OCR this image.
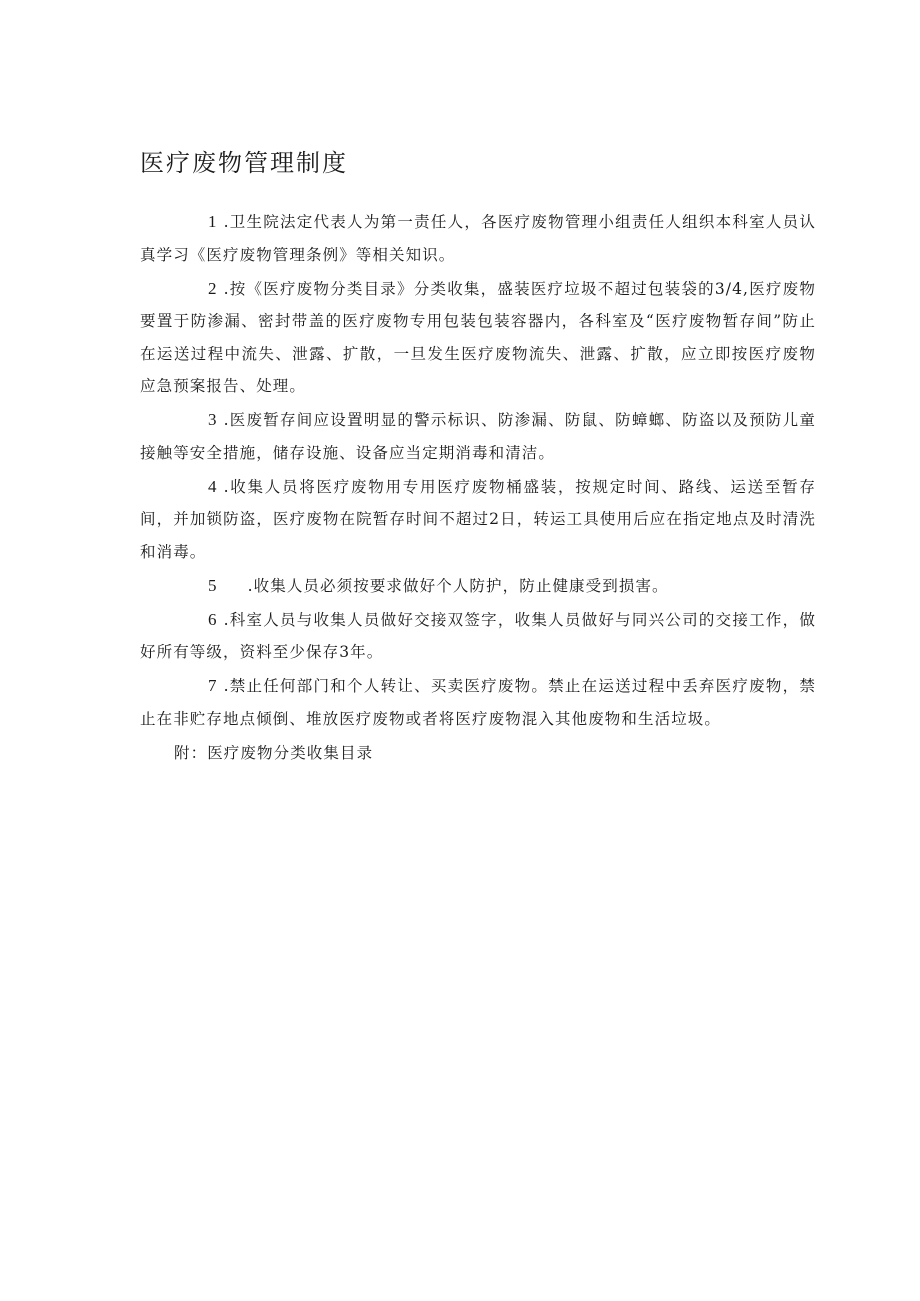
医疗废物管理制度

1 .卫生院法定代表人为第一责任人，各医疗废物管理小组责任人组织本科室人员认真学习《医疗废物管理条例》等相关知识。

2 .按《医疗废物分类目录》分类收集，盛装医疗垃圾不超过包装袋的3/4,医疗废物要置于防渗漏、密封带盖的医疗废物专用包装包装容器内，各科室及“医疗废物暂存间”防止在运送过程中流失、泄露、扩散，一旦发生医疗废物流失、泄露、扩散，应立即按医疗废物应急预案报告、处理。

3 .医废暂存间应设置明显的警示标识、防渗漏、防鼠、防蟑螂、防盗以及预防儿童接触等安全措施，储存设施、设备应当定期消毒和清洁。

4 .收集人员将医疗废物用专用医疗废物桶盛装，按规定时间、路线、运送至暂存间，并加锁防盗，医疗废物在院暂存时间不超过2日，转运工具使用后应在指定地点及时清洗和消毒。

5 .收集人员必须按要求做好个人防护，防止健康受到损害。

6 .科室人员与收集人员做好交接双签字，收集人员做好与同兴公司的交接工作，做好所有等级，资料至少保存3年。

7 .禁止任何部门和个人转让、买卖医疗废物。禁止在运送过程中丢弃医疗废物，禁止在非贮存地点倾倒、堆放医疗废物或者将医疗废物混入其他废物和生活垃圾。

附：医疗废物分类收集目录
